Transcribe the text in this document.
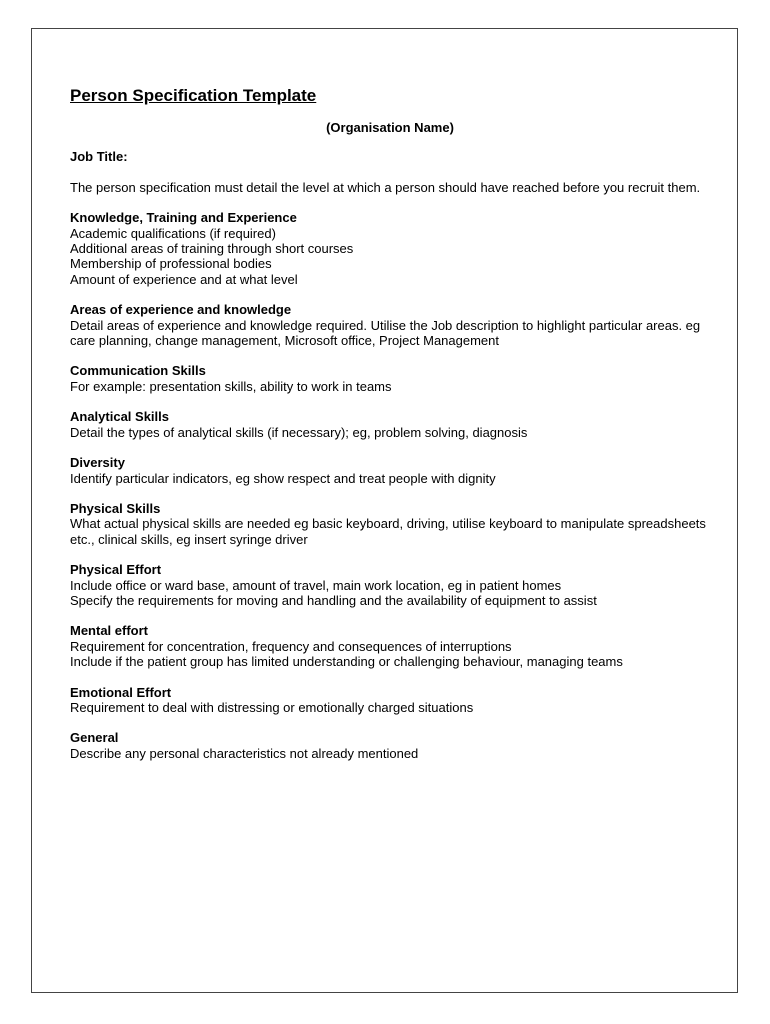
Person Specification Template

(Organisation Name)

Job Title:

The person specification must detail the level at which a person should have reached before you recruit them.

Knowledge, Training and Experience

Academic qualifications (if required)

Additional areas of training through short courses

Membership of professional bodies

Amount of experience and at what level

Areas of experience and knowledge

Detail areas of experience and knowledge required. Utilise the Job description to highlight particular areas. eg care planning, change management, Microsoft office, Project Management

Communication Skills

For example: presentation skills, ability to work in teams

Analytical Skills

Detail the types of analytical skills (if necessary); eg, problem solving, diagnosis

Diversity

Identify particular indicators, eg show respect and treat people with dignity

Physical Skills

What actual physical skills are needed eg basic keyboard, driving, utilise keyboard to manipulate spreadsheets etc., clinical skills, eg insert syringe driver

Physical Effort

Include office or ward base, amount of travel, main work location, eg in patient homes

Specify the requirements for moving and handling and the availability of equipment to assist

Mental effort

Requirement for concentration, frequency and consequences of interruptions

Include if the patient group has limited understanding or challenging behaviour, managing teams

Emotional Effort

Requirement to deal with distressing or emotionally charged situations

General

Describe any personal characteristics not already mentioned
